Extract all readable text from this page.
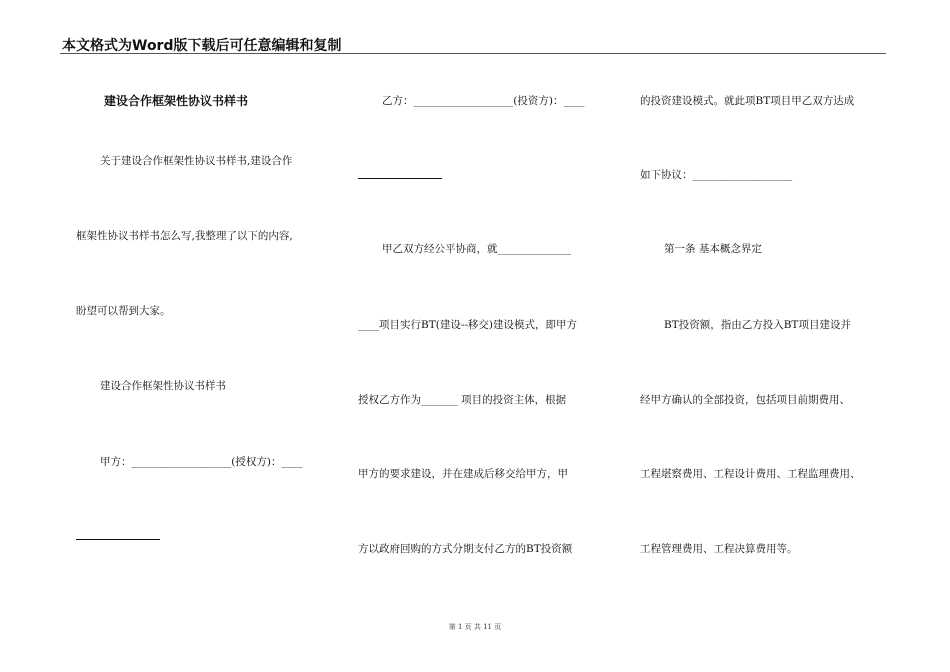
本文格式为Word版下载后可任意编辑和复制
建设合作框架性协议书样书
关于建设合作框架性协议书样书,建设合作
框架性协议书样书怎么写,我整理了以下的内容,
盼望可以帮到大家。
建设合作框架性协议书样书
甲方：___________________(授权方)：____
乙方：___________________(投资方)：____
甲乙双方经公平协商，就______________
____项目实行BT(建设--移交)建设模式，即甲方
授权乙方作为_______ 项目的投资主体，根据
甲方的要求建设，并在建成后移交给甲方，甲
方以政府回购的方式分期支付乙方的BT投资额
的投资建设模式。就此项BT项目甲乙双方达成
如下协议：___________________
第一条 基本概念界定
BT投资额，指由乙方投入BT项目建设并
经甲方确认的全部投资，包括项目前期费用、
工程堪察费用、工程设计费用、工程监理费用、
工程管理费用、工程决算费用等。
第 1 页 共 11 页
